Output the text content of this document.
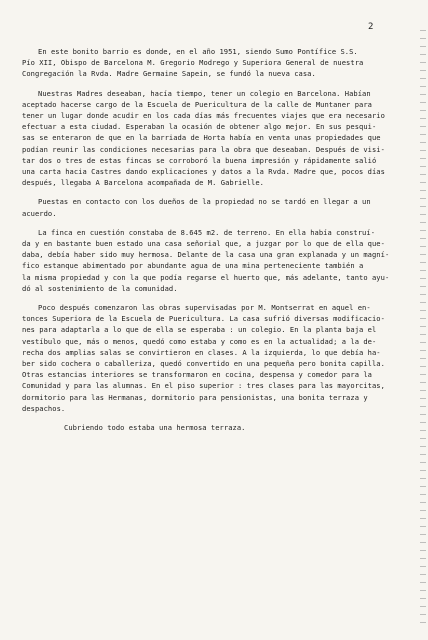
2

En este bonito barrio es donde, en el año 1951, siendo Sumo Pontífice S.S.
Pío XII, Obispo de Barcelona M. Gregorio Modrego y Superiora General de nuestra
Congregación la Rvda. Madre Germaine Sapein, se fundó la nueva casa.

Nuestras Madres deseaban, hacía tiempo, tener un colegio en Barcelona. Habían
aceptado hacerse cargo de la Escuela de Puericultura de la calle de Muntaner para
tener un lugar donde acudir en los cada días más frecuentes viajes que era necesario
efectuar a esta ciudad. Esperaban la ocasión de obtener algo mejor. En sus pesqui-
sas se enteraron de que en la barriada de Horta había en venta unas propiedades que
podían reunir las condiciones necesarias para la obra que deseaban. Después de visi-
tar dos o tres de estas fincas se corroboró la buena impresión y rápidamente salió
una carta hacia Castres dando explicaciones y datos a la Rvda. Madre que, pocos días
después, llegaba A Barcelona acompañada de M. Gabrielle.

Puestas en contacto con los dueños de la propiedad no se tardó en llegar a un
acuerdo.

La finca en cuestión constaba de 8.645 m2. de terreno. En ella había construí-
da y en bastante buen estado una casa señorial que, a juzgar por lo que de ella que-
daba, debía haber sido muy hermosa. Delante de la casa una gran explanada y un magní-
fico estanque abimentado por abundante agua de una mina perteneciente también a
la misma propiedad y con la que podía regarse el huerto que, más adelante, tanto ayu-
dó al sostenimiento de la comunidad.

Poco después comenzaron las obras supervisadas por M. Montserrat en aquel en-
tonces Superiora de la Escuela de Puericultura. La casa sufrió diversas modificacio-
nes para adaptarla a lo que de ella se esperaba : un colegio. En la planta baja el
vestíbulo que, más o menos, quedó como estaba y como es en la actualidad; a la de-
recha dos amplias salas se convirtieron en clases. A la izquierda, lo que debía ha-
ber sido cochera o caballeriza, quedó convertido en una pequeña pero bonita capilla.
Otras estancias interiores se transformaron en cocina, despensa y comedor para la
Comunidad y para las alumnas. En el piso superior : tres clases para las mayorcitas,
dormitorio para las Hermanas, dormitorio para pensionistas, una bonita terraza y
despachos.

Cubriendo todo estaba una hermosa terraza.
